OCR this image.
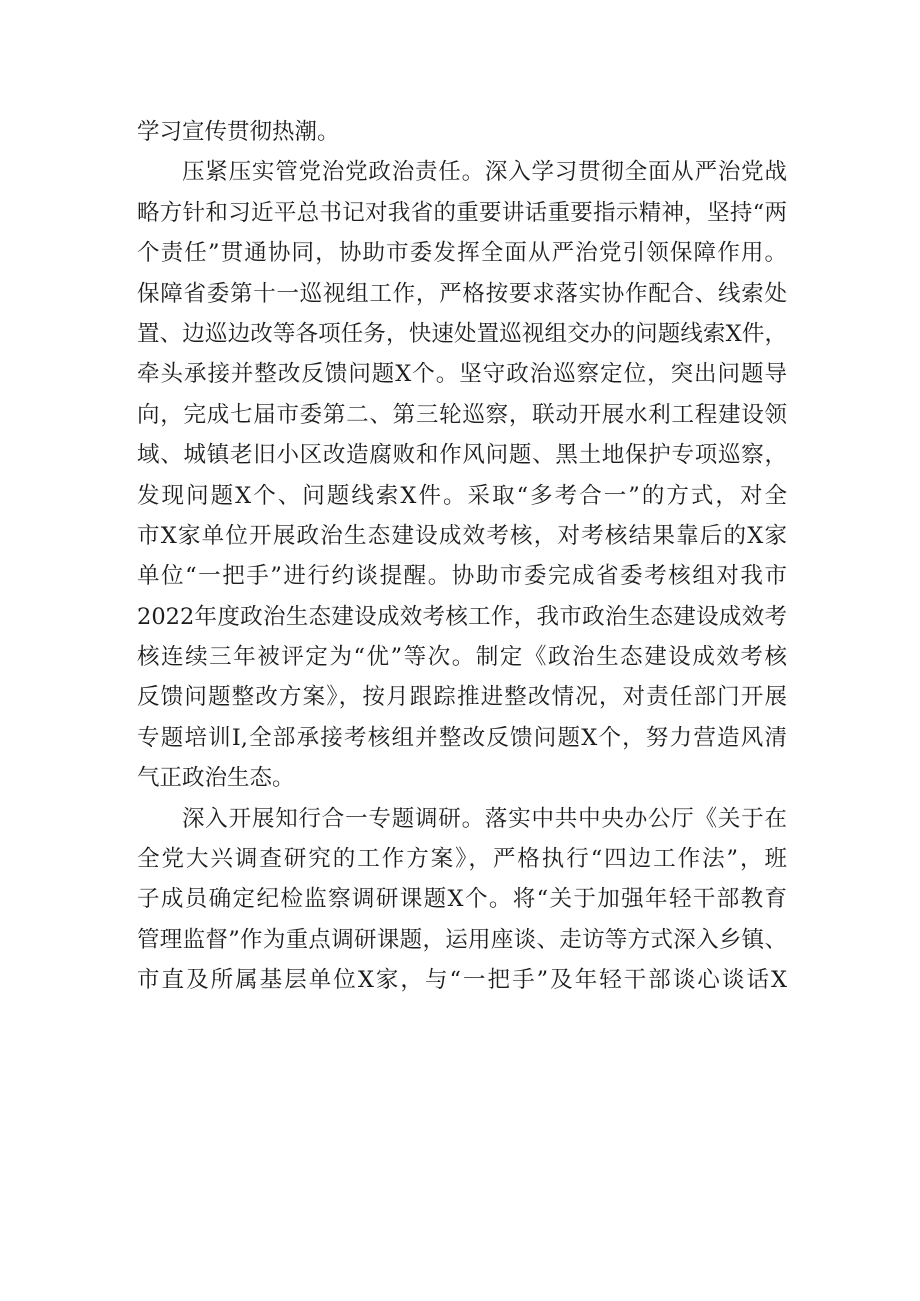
学习宣传贯彻热潮。
压紧压实管党治党政治责任。深入学习贯彻全面从严治党战
略方针和习近平总书记对我省的重要讲话重要指示精神，坚持“两
个责任”贯通协同，协助市委发挥全面从严治党引领保障作用。
保障省委第十一巡视组工作，严格按要求落实协作配合、线索处
置、边巡边改等各项任务，快速处置巡视组交办的问题线索X件，
牵头承接并整改反馈问题X个。坚守政治巡察定位，突出问题导
向，完成七届市委第二、第三轮巡察，联动开展水利工程建设领
域、城镇老旧小区改造腐败和作风问题、黑土地保护专项巡察，
发现问题X个、问题线索X件。采取“多考合一”的方式，对全
市X家单位开展政治生态建设成效考核，对考核结果靠后的X家
单位“一把手”进行约谈提醒。协助市委完成省委考核组对我市
2022年度政治生态建设成效考核工作，我市政治生态建设成效考
核连续三年被评定为“优”等次。制定《政治生态建设成效考核
反馈问题整改方案》，按月跟踪推进整改情况，对责任部门开展
专题培训I,全部承接考核组并整改反馈问题X个，努力营造风清
气正政治生态。
深入开展知行合一专题调研。落实中共中央办公厅《关于在
全党大兴调查研究的工作方案》，严格执行“四边工作法”，班
子成员确定纪检监察调研课题X个。将“关于加强年轻干部教育
管理监督”作为重点调研课题，运用座谈、走访等方式深入乡镇、
市直及所属基层单位X家，与“一把手”及年轻干部谈心谈话X
